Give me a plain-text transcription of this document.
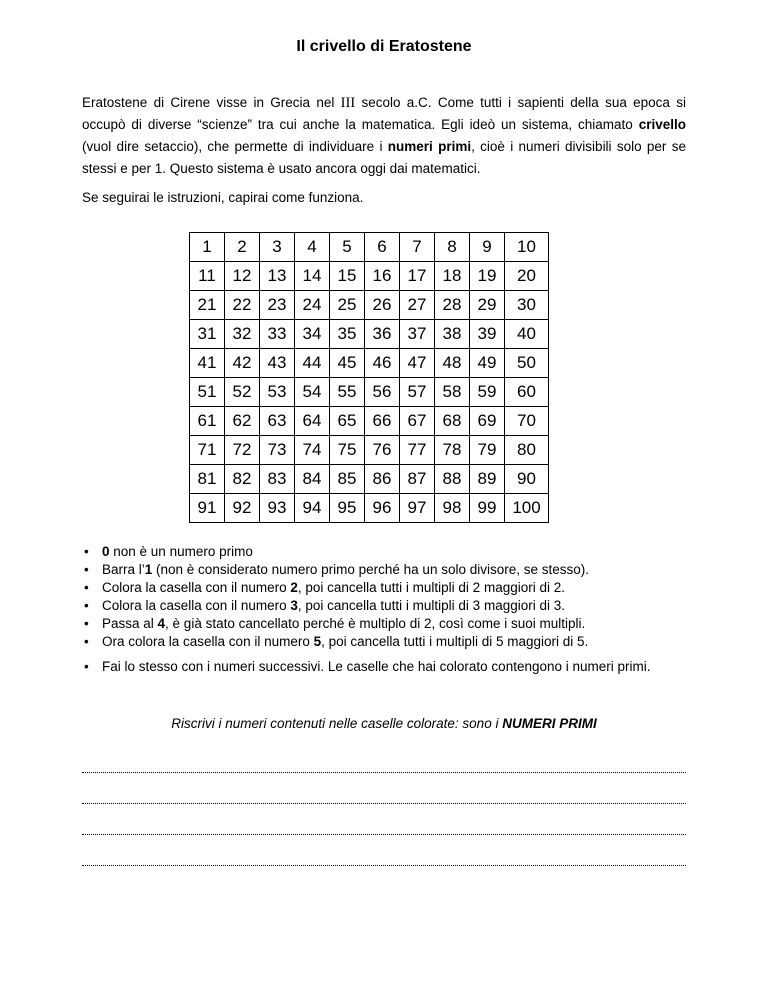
Il crivello di Eratostene
Eratostene di Cirene visse in Grecia nel III secolo a.C. Come tutti i sapienti della sua epoca si occupò di diverse “scienze” tra cui anche la matematica. Egli ideò un sistema, chiamato crivello (vuol dire setaccio), che permette di individuare i numeri primi, cioè i numeri divisibili solo per se stessi e per 1. Questo sistema è usato ancora oggi dai matematici.
Se seguirai le istruzioni, capirai come funziona.
1	2	3	4	5	6	7	8	9	10
11	12	13	14	15	16	17	18	19	20
21	22	23	24	25	26	27	28	29	30
31	32	33	34	35	36	37	38	39	40
41	42	43	44	45	46	47	48	49	50
51	52	53	54	55	56	57	58	59	60
61	62	63	64	65	66	67	68	69	70
71	72	73	74	75	76	77	78	79	80
81	82	83	84	85	86	87	88	89	90
91	92	93	94	95	96	97	98	99	100
• 0 non è un numero primo
• Barra l’1 (non è considerato numero primo perché ha un solo divisore, se stesso).
• Colora la casella con il numero 2, poi cancella tutti i multipli di 2 maggiori di 2.
• Colora la casella con il numero 3, poi cancella tutti i multipli di 3 maggiori di 3.
• Passa al 4, è già stato cancellato perché è multiplo di 2, così come i suoi multipli.
• Ora colora la casella con il numero 5, poi cancella tutti i multipli di 5 maggiori di 5.
• Fai lo stesso con i numeri successivi. Le caselle che hai colorato contengono i numeri primi.
Riscrivi i numeri contenuti nelle caselle colorate: sono i NUMERI PRIMI
